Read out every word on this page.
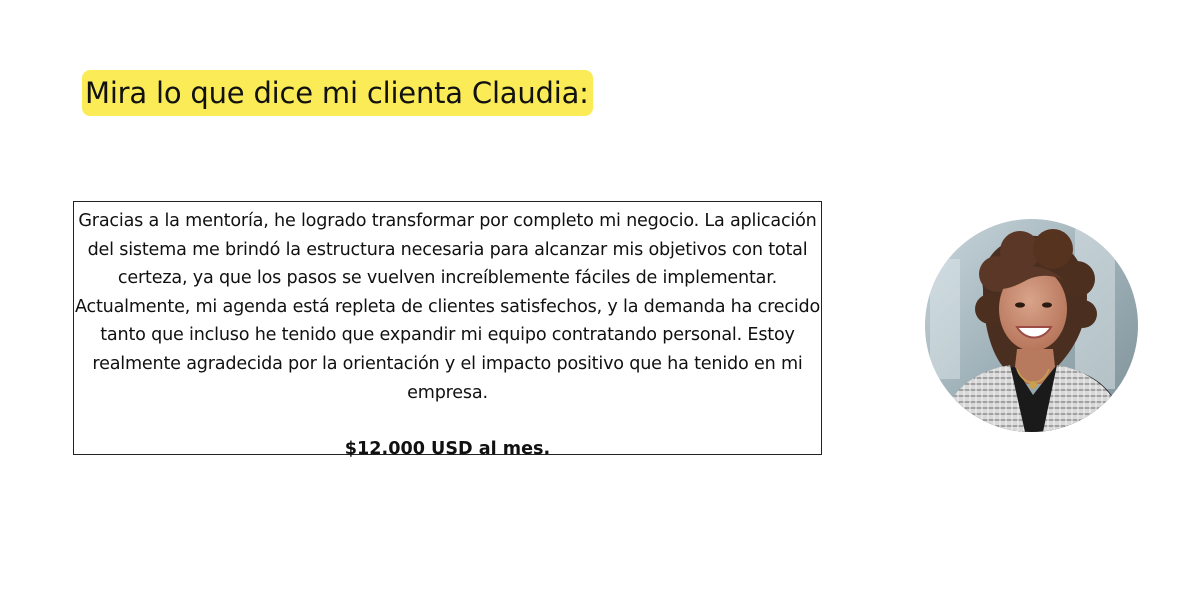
Mira lo que dice mi clienta Claudia:

Gracias a la mentoría, he logrado transformar por completo mi negocio. La aplicación del sistema me brindó la estructura necesaria para alcanzar mis objetivos con total certeza, ya que los pasos se vuelven increíblemente fáciles de implementar. Actualmente, mi agenda está repleta de clientes satisfechos, y la demanda ha crecido tanto que incluso he tenido que expandir mi equipo contratando personal. Estoy realmente agradecida por la orientación y el impacto positivo que ha tenido en mi empresa.

$12.000 USD al mes.
